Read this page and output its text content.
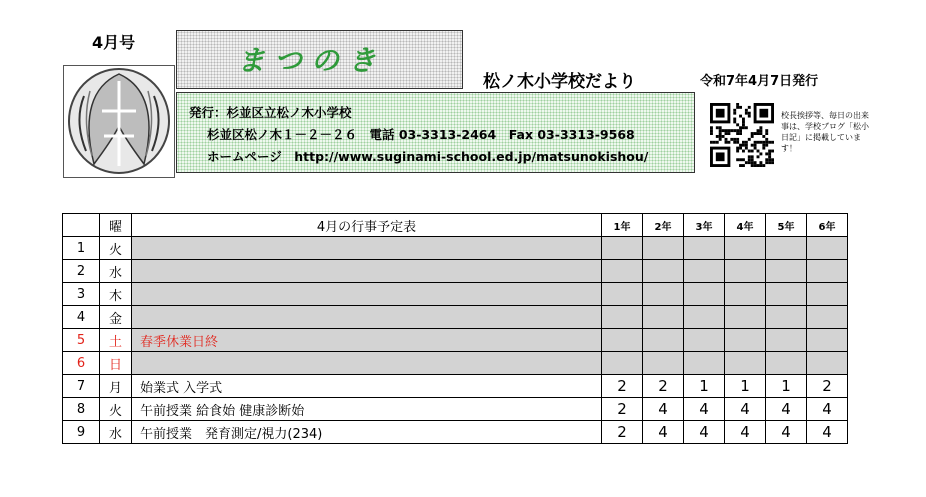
4月号
まつのき
松ノ木小学校だより	令和7年4月7日発行
発行：杉並区立松ノ木小学校
杉並区松ノ木１－２－２６　電話 03-3313-2464　Fax 03-3313-9568
ホームページ　http://www.suginami-school.ed.jp/matsunokishou/
校長挨拶等、毎日の出来事は、学校ブログ「松小日記」に掲載しています！
	曜	4月の行事予定表	1年	2年	3年	4年	5年	6年
1	火							
2	水							
3	木							
4	金							
5	土	春季休業日終						
6	日							
7	月	始業式 入学式	2	2	1	1	1	2
8	火	午前授業 給食始 健康診断始	2	4	4	4	4	4
9	水	午前授業　発育測定/視力(234)	2	4	4	4	4	4
